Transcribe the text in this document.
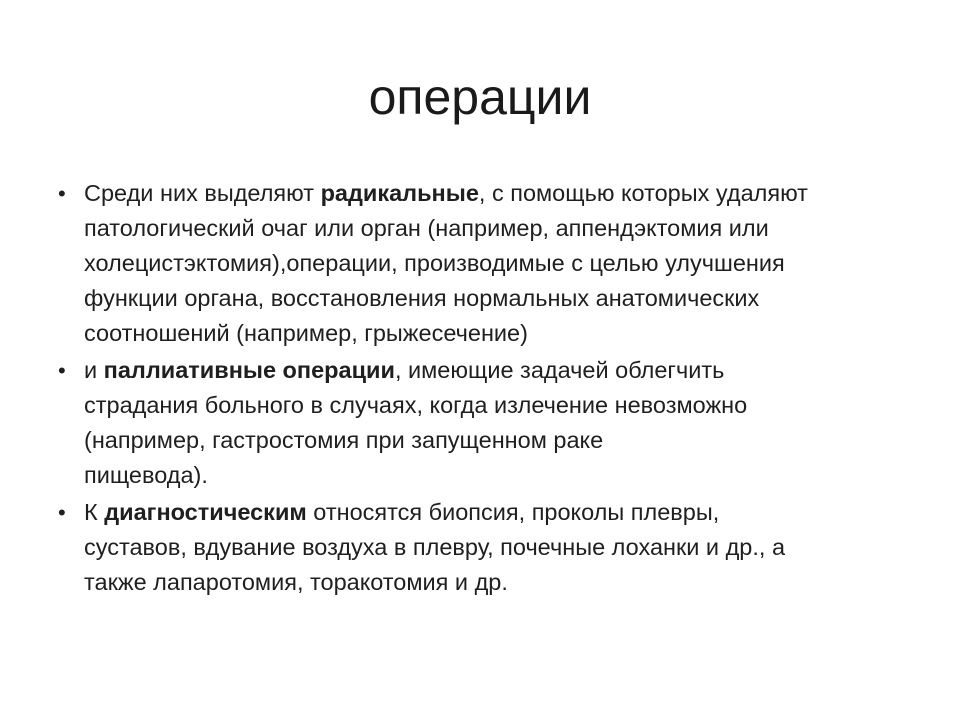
операции
• Среди них выделяют радикальные, с помощью которых удаляют
патологический очаг или орган (например, аппендэктомия или
холецистэктомия),операции, производимые с целью улучшения
функции органа, восстановления нормальных анатомических
соотношений (например, грыжесечение)
• и паллиативные операции, имеющие задачей облегчить
страдания больного в случаях, когда излечение невозможно
(например, гастростомия при запущенном раке
пищевода).
• К диагностическим относятся биопсия, проколы плевры,
суставов, вдувание воздуха в плевру, почечные лоханки и др., а
также лапаротомия, торакотомия и др.
